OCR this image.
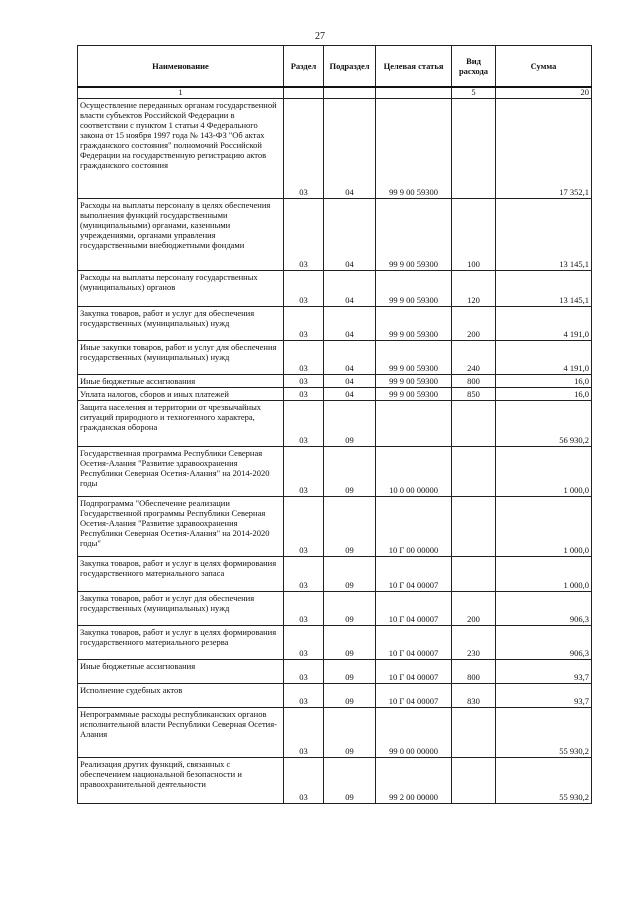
27
Наименование	Раздел	Подраздел	Целевая статья	Вид расхода	Сумма
1				5	20
Осуществление переданных органам государственной власти субъектов Российской Федерации в соответствии с пунктом 1 статьи 4 Федерального закона от 15 ноября 1997 года № 143-ФЗ "Об актах гражданского состояния" полномочий Российской Федерации на государственную регистрацию актов гражданского состояния	03	04	99 9 00 59300		17 352,1
Расходы на выплаты персоналу в целях обеспечения выполнения функций государственными (муниципальными) органами, казенными учреждениями, органами управления государственными внебюджетными фондами	03	04	99 9 00 59300	100	13 145,1
Расходы на выплаты персоналу государственных (муниципальных) органов	03	04	99 9 00 59300	120	13 145,1
Закупка товаров, работ и услуг для обеспечения государственных (муниципальных) нужд	03	04	99 9 00 59300	200	4 191,0
Иные закупки товаров, работ и услуг для обеспечения государственных (муниципальных) нужд	03	04	99 9 00 59300	240	4 191,0
Иные бюджетные ассигнования	03	04	99 9 00 59300	800	16,0
Уплата налогов, сборов и иных платежей	03	04	99 9 00 59300	850	16,0
Защита населения и территории от чрезвычайных ситуаций природного и техногенного характера, гражданская оборона	03	09			56 930,2
Государственная программа Республики Северная Осетия-Алания "Развитие здравоохранения Республики Северная Осетия-Алания" на 2014-2020 годы	03	09	10 0 00 00000		1 000,0
Подпрограмма "Обеспечение реализации Государственной программы Республики Северная Осетия-Алания "Развитие здравоохранения Республики Северная Осетия-Алания" на 2014-2020 годы"	03	09	10 Г 00 00000		1 000,0
Закупка товаров, работ и услуг в целях формирования государственного материального запаса	03	09	10 Г 04 00007		1 000,0
Закупка товаров, работ и услуг для обеспечения государственных (муниципальных) нужд	03	09	10 Г 04 00007	200	906,3
Закупка товаров, работ и услуг в целях формирования государственного материального резерва	03	09	10 Г 04 00007	230	906,3
Иные бюджетные ассигнования	03	09	10 Г 04 00007	800	93,7
Исполнение судебных актов	03	09	10 Г 04 00007	830	93,7
Непрограммные расходы республиканских органов исполнительной власти Республики Северная Осетия-Алания	03	09	99 0 00 00000		55 930,2
Реализация других функций, связанных с обеспечением национальной безопасности и правоохранительной деятельности	03	09	99 2 00 00000		55 930,2
